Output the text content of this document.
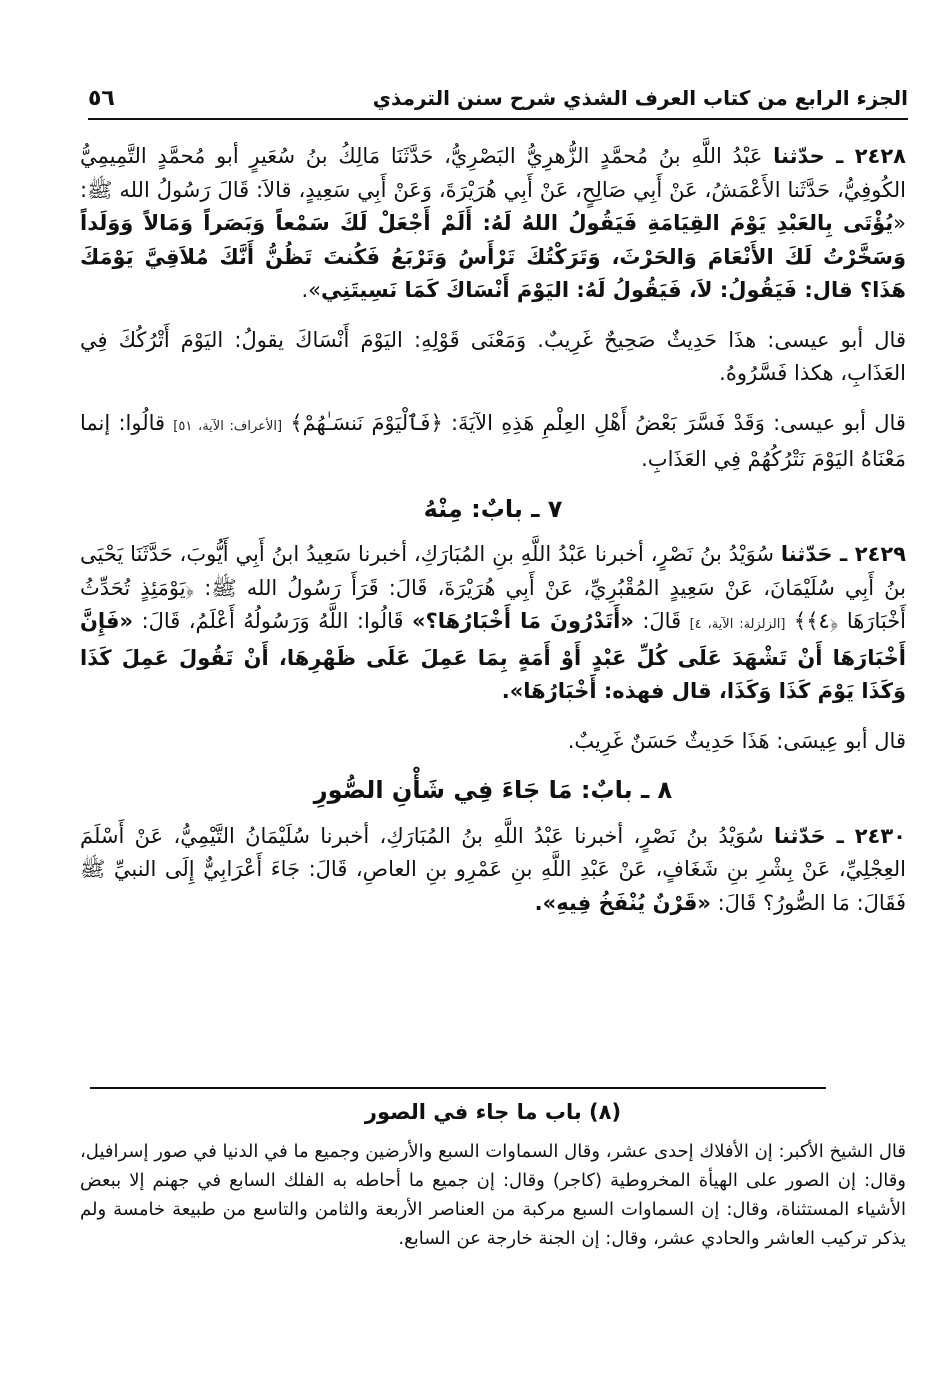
الجزء الرابع من كتاب العرف الشذي شرح سنن الترمذي
٥٦

٢٤٢٨ ـ حدّثنا عَبْدُ اللَّهِ بنُ مُحمَّدٍ الزُّهرِيُّ البَصْرِيُّ، حَدَّثَنَا مَالِكُ بنُ سُعَيرٍ أبو مُحمَّدٍ التَّمِيمِيُّ الكُوفِيُّ، حَدَّثَنا الأَعْمَشُ، عَنْ أَبِي صَالِحٍ، عَنْ أَبِي هُرَيْرَةَ، وَعَنْ أَبِي سَعِيدٍ، قالاَ: قَالَ رَسُولُ الله ﷺ: «يُؤْتَى بِالعَبْدِ يَوْمَ القِيَامَةِ فَيَقُولُ اللهُ لَهُ: أَلَمْ أَجْعَلْ لَكَ سَمْعاً وَبَصَراً وَمَالاً وَوَلَداً وَسَخَّرْتُ لَكَ الأَنْعَامَ وَالحَرْثَ، وَتَرَكْتُكَ تَرْأَسُ وَتَرْبَعُ فَكُنتَ تَظُنُّ أَنَّكَ مُلاَقِيَّ يَوْمَكَ هَذَا؟ قال: فَيَقُولُ: لاَ، فَيَقُولُ لَهُ: اليَوْمَ أَنْسَاكَ كَمَا نَسِيتَنِي».

قال أبو عيسى: هذَا حَدِيثٌ صَحِيحٌ غَرِيبٌ. وَمَعْنَى قَوْلِهِ: اليَوْمَ أَنْسَاكَ يقولُ: اليَوْمَ أَتْرُكُكَ فِي العَذَابِ، هكذا فَسَّرُوهُ.

قال أبو عيسى: وَقَدْ فَسَّرَ بَعْضُ أَهْلِ العِلْمِ هَذِهِ الآيَةَ: ﴿فَٱلْيَوْمَ نَنسَـٰهُمْ﴾ [الأعراف: الآية، ٥١] قالُوا: إنما مَعْنَاهُ اليَوْمَ نَتْرُكُهُمْ فِي العَذَابِ.

٧ ـ بابٌ: مِنْهُ

٢٤٢٩ ـ حَدّثنا سُوَيْدُ بنُ نَصْرٍ، أخبرنا عَبْدُ اللَّهِ بنِ المُبَارَكِ، أخبرنا سَعِيدُ ابنُ أَبِي أَيُّوبَ، حَدَّثَنَا يَحْيَى بنُ أَبِي سُلَيْمَانَ، عَنْ سَعِيدٍ المُقْبُرِيِّ، عَنْ أَبِي هُرَيْرَةَ، قَالَ: قَرَأَ رَسُولُ الله ﷺ: ﴿يَوْمَئِذٍ تُحَدِّثُ أَخْبَارَهَا ﴿٤﴾﴾ [الزلزلة: الآية، ٤] قَالَ: «أَتَدْرُونَ مَا أَخْبَارُهَا؟» قَالُوا: اللَّهُ وَرَسُولُهُ أَعْلَمُ، قَالَ: «فَإِنَّ أَخْبَارَهَا أَنْ تَشْهَدَ عَلَى كُلِّ عَبْدٍ أَوْ أَمَةٍ بِمَا عَمِلَ عَلَى ظَهْرِهَا، أَنْ تَقُولَ عَمِلَ كَذَا وَكَذَا يَوْمَ كَذَا وَكَذَا، قال فهذه: أَخْبَارُهَا».

قال أبو عِيسَى: هَذَا حَدِيثٌ حَسَنٌ غَرِيبٌ.

٨ ـ بابٌ: مَا جَاءَ فِي شَأْنِ الصُّورِ

٢٤٣٠ ـ حَدّثنا سُوَيْدُ بنُ نَصْرٍ، أخبرنا عَبْدُ اللَّهِ بنُ المُبَارَكِ، أخبرنا سُلَيْمَانُ التَّيْمِيُّ، عَنْ أَسْلَمَ العِجْلِيِّ، عَنْ بِشْرِ بنِ شَغَافٍ، عَنْ عَبْدِ اللَّهِ بنِ عَمْرِو بنِ العاصِ، قَالَ: جَاءَ أَعْرَابِيٌّ إِلَى النبيِّ ﷺ فَقَالَ: مَا الصُّورُ؟ قَالَ: «قَرْنٌ يُنْفَخُ فِيهِ».

(٨) باب ما جاء في الصور

قال الشيخ الأكبر: إن الأفلاك إحدى عشر، وقال السماوات السبع والأرضين وجميع ما في الدنيا في صور إسرافيل، وقال: إن الصور على الهيأة المخروطية (كاجر) وقال: إن جميع ما أحاطه به الفلك السابع في جهنم إلا ببعض الأشياء المستثناة، وقال: إن السماوات السبع مركبة من العناصر الأربعة والثامن والتاسع من طبيعة خامسة ولم يذكر تركيب العاشر والحادي عشر، وقال: إن الجنة خارجة عن السابع.
